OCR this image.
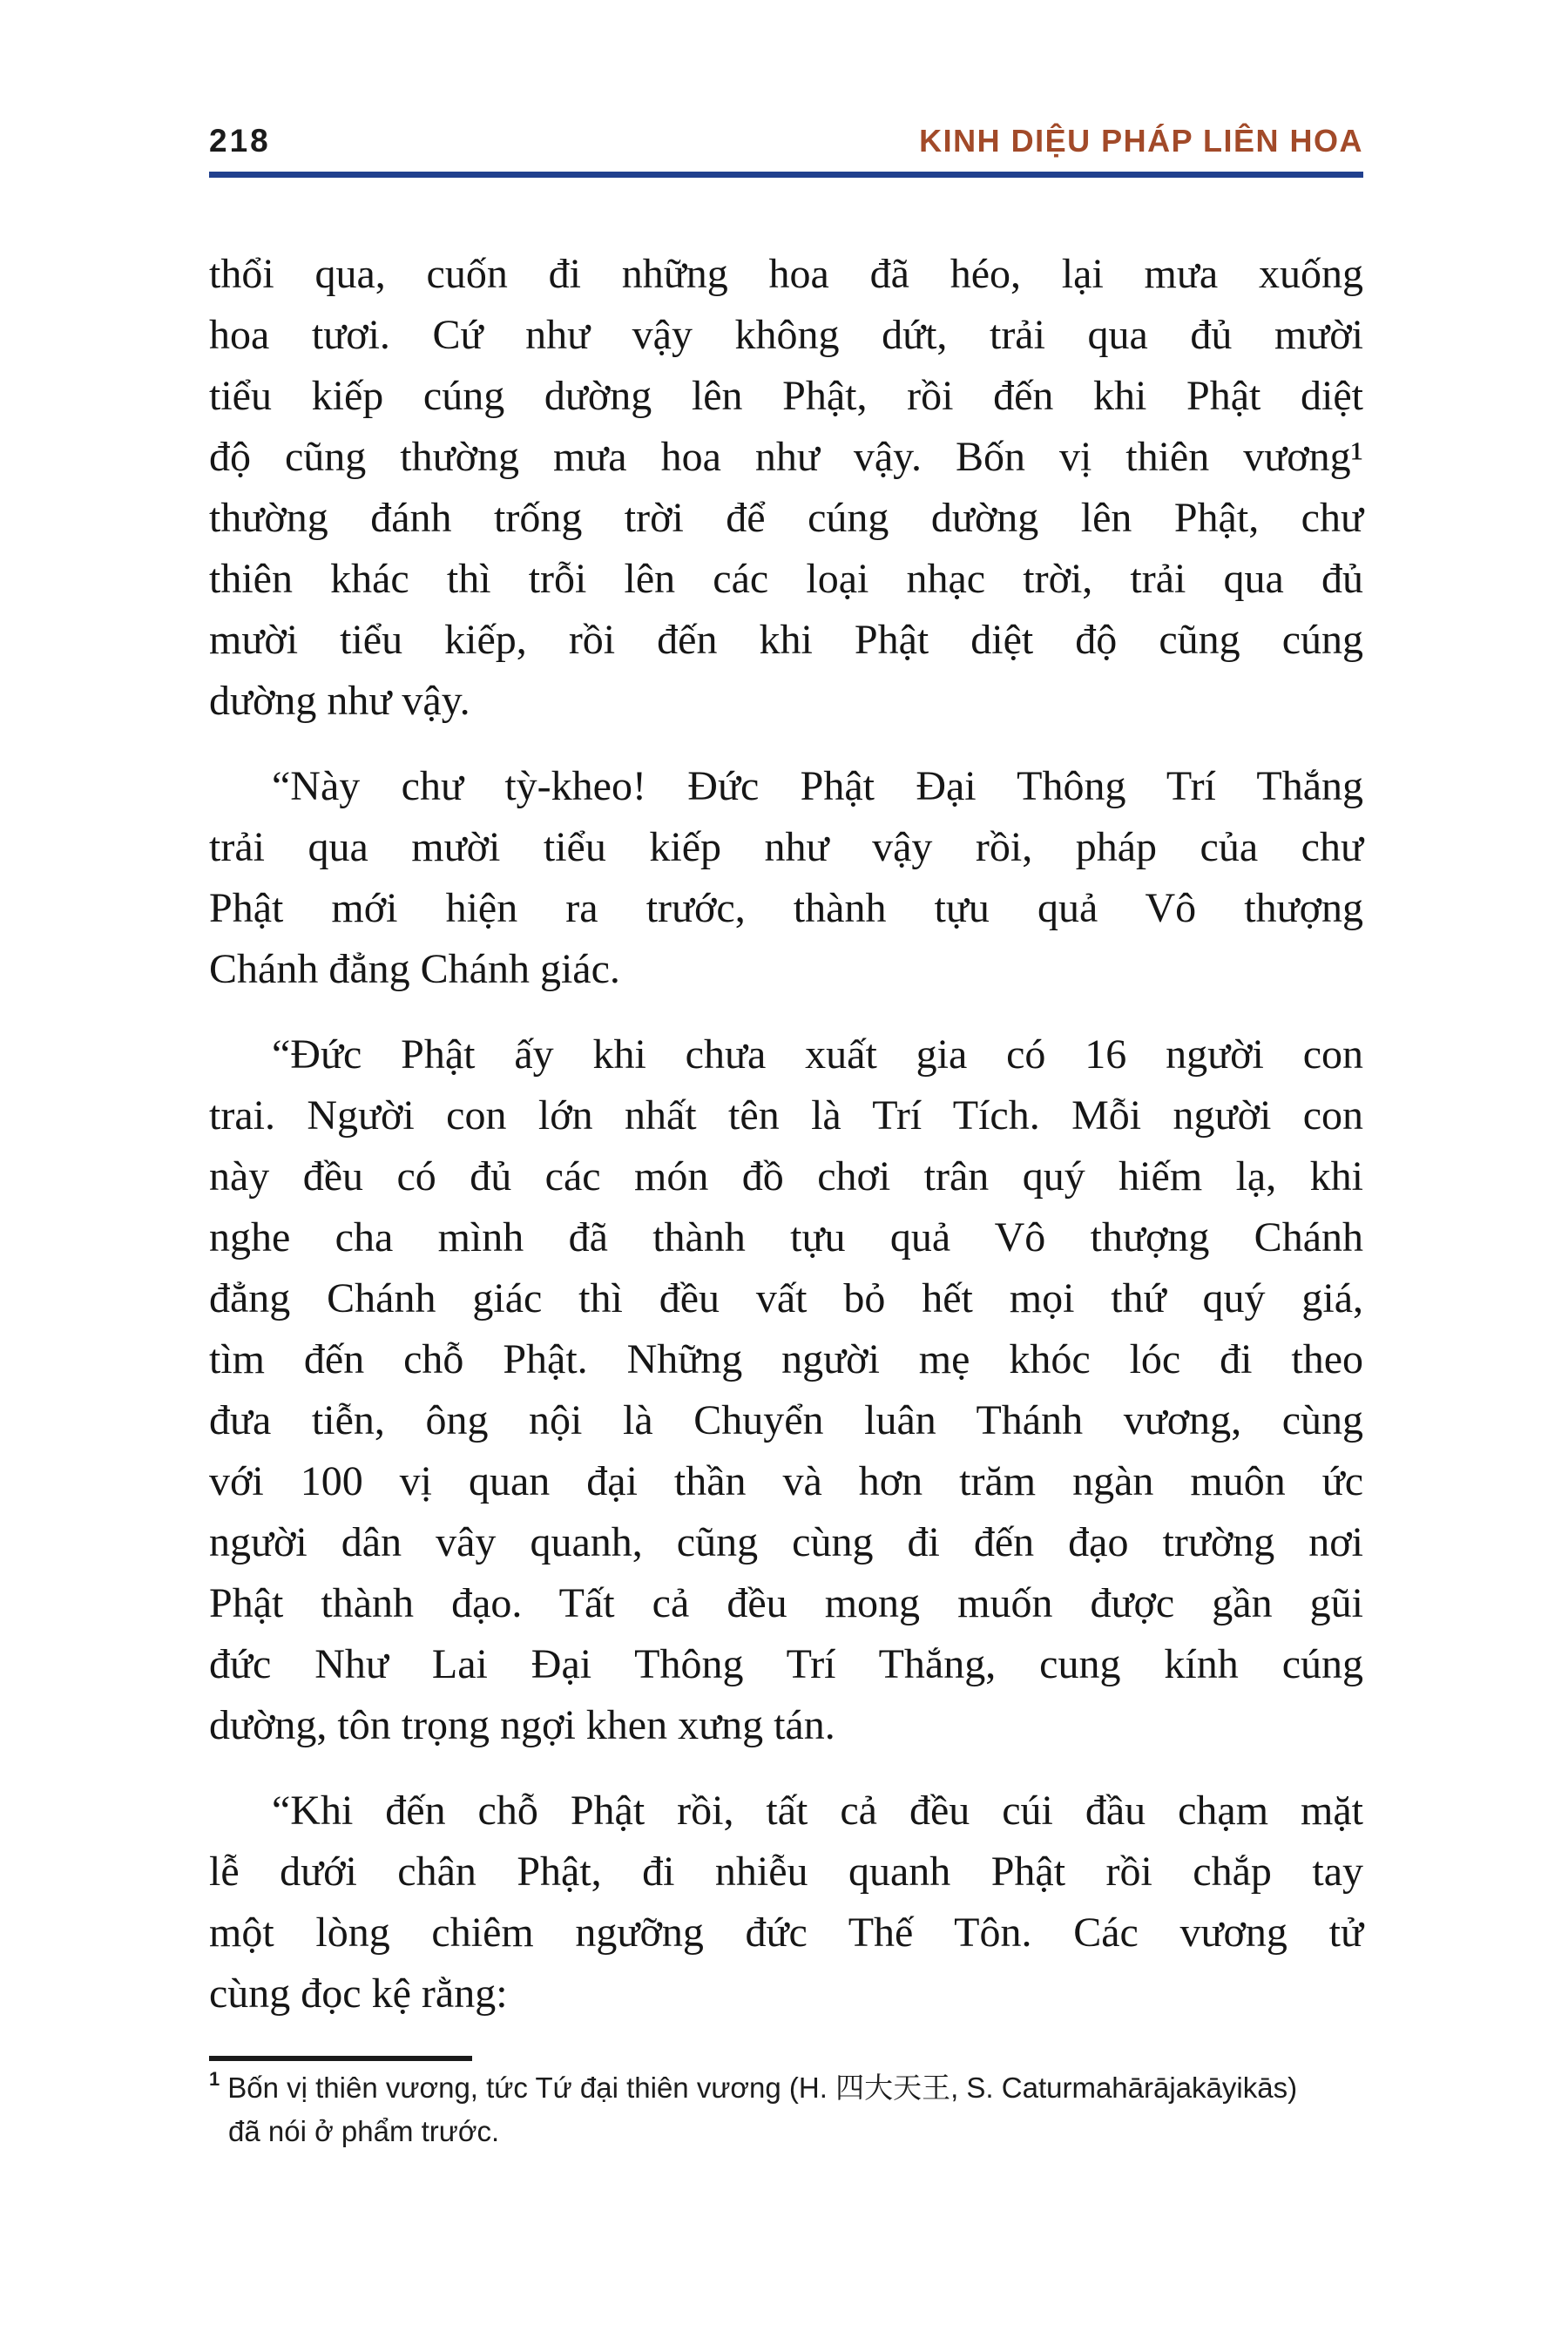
218	KINH DIỆU PHÁP LIÊN HOA

thổi qua, cuốn đi những hoa đã héo, lại mưa xuống
hoa tươi. Cứ như vậy không dứt, trải qua đủ mười
tiểu kiếp cúng dường lên Phật, rồi đến khi Phật diệt
độ cũng thường mưa hoa như vậy. Bốn vị thiên vương¹
thường đánh trống trời để cúng dường lên Phật, chư
thiên khác thì trỗi lên các loại nhạc trời, trải qua đủ
mười tiểu kiếp, rồi đến khi Phật diệt độ cũng cúng
dường như vậy.

“Này chư tỳ-kheo! Đức Phật Đại Thông Trí Thắng
trải qua mười tiểu kiếp như vậy rồi, pháp của chư
Phật mới hiện ra trước, thành tựu quả Vô thượng
Chánh đẳng Chánh giác.

“Đức Phật ấy khi chưa xuất gia có 16 người con
trai. Người con lớn nhất tên là Trí Tích. Mỗi người con
này đều có đủ các món đồ chơi trân quý hiếm lạ, khi
nghe cha mình đã thành tựu quả Vô thượng Chánh
đẳng Chánh giác thì đều vất bỏ hết mọi thứ quý giá,
tìm đến chỗ Phật. Những người mẹ khóc lóc đi theo
đưa tiễn, ông nội là Chuyển luân Thánh vương, cùng
với 100 vị quan đại thần và hơn trăm ngàn muôn ức
người dân vây quanh, cũng cùng đi đến đạo trường nơi
Phật thành đạo. Tất cả đều mong muốn được gần gũi
đức Như Lai Đại Thông Trí Thắng, cung kính cúng
dường, tôn trọng ngợi khen xưng tán.

“Khi đến chỗ Phật rồi, tất cả đều cúi đầu chạm mặt
lễ dưới chân Phật, đi nhiễu quanh Phật rồi chắp tay
một lòng chiêm ngưỡng đức Thế Tôn. Các vương tử
cùng đọc kệ rằng:

$^1$ Bốn vị thiên vương, tức Tứ đại thiên vương (H. 四大天王, S. Caturmahārājakāyikās)
đã nói ở phẩm trước.
